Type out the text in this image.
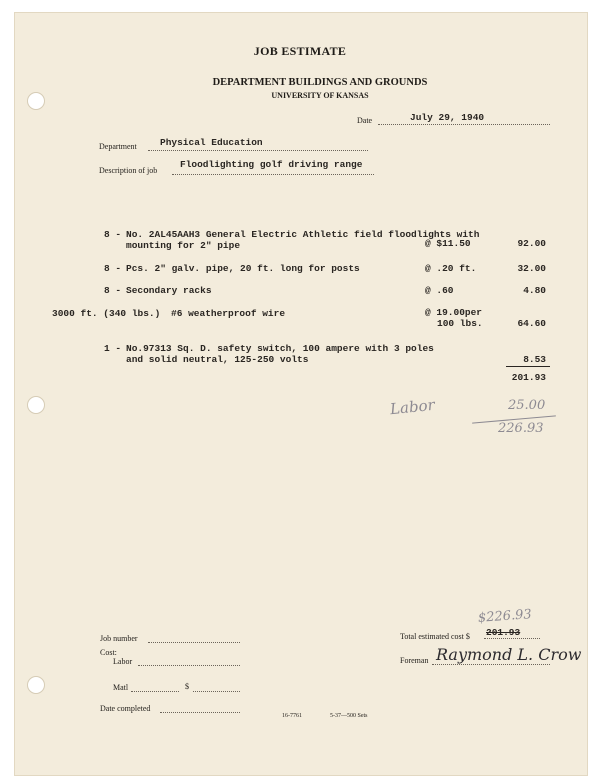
JOB ESTIMATE
DEPARTMENT BUILDINGS AND GROUNDS
UNIVERSITY OF KANSAS
Date	July 29, 1940
Department Physical Education
Description of job
Floodlighting golf driving range
8 - No. 2AL45AAH3 General Electric Athletic field floodlights with
mounting for 2" pipe	@ $11.50	92.00
8 - Pcs. 2" galv. pipe, 20 ft. long for posts	@ .20 ft.	32.00
8 - Secondary racks	@ .60	4.80
3000 ft. (340 lbs.) #6 weatherproof wire	@ 19.00per
100 lbs.	64.60
1 - No.97313 Sq. D. safety switch, 100 ampere with 3 poles
and solid neutral, 125-250 volts	8.53
201.93
Labor	25.00
226.93
Job number
Cost:
Labor
Matl	$
Date completed
16-7761	5-37—500 Sets
$226.93
Total estimated cost $ 201.93
Foreman Raymond L. Crow
